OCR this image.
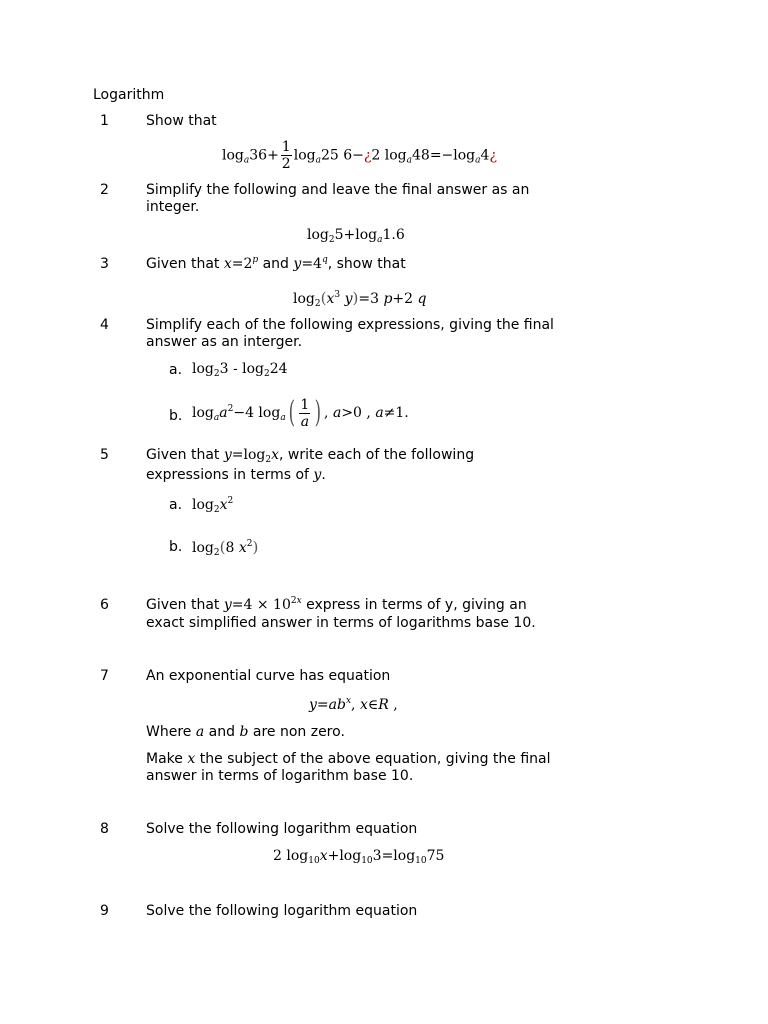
Logarithm
1	Show that
$\log_a36+ \frac{1}{2} \log_a25$ 6−¿2 $\log_a48=-\log_a4¿$
2	Simplify the following and leave the final answer as an
integer.
$\log_25+\log_a1.6$
3	Given that $x=2^p$ and $y=4^q$, show that
$\log_2(x^3$ y)=3 p+2 q
4	Simplify each of the following expressions, giving the final
answer as an interger.
a. $\log_23 - \log_224$
b. $\log_aa^2-4$ $\log_a( \frac{1}{a}$ ) , a>0 , a≠1.
5	Given that $y=\log_2x$, write each of the following
expressions in terms of y.
a. $\log_2x^2$
b. $\log_2(8$ $x^2$)
6	Given that $y=4 \times 10^{2x}$ express in terms of y, giving an
exact simplified answer in terms of logarithms base 10.
7	An exponential curve has equation
$y=ab^x$, x∈R ,
Where a and b are non zero.
Make x the subject of the above equation, giving the final
answer in terms of logarithm base 10.
8	Solve the following logarithm equation
2 $\log_{10}x+\log_{10}3=\log_{10}75$
9	Solve the following logarithm equation
